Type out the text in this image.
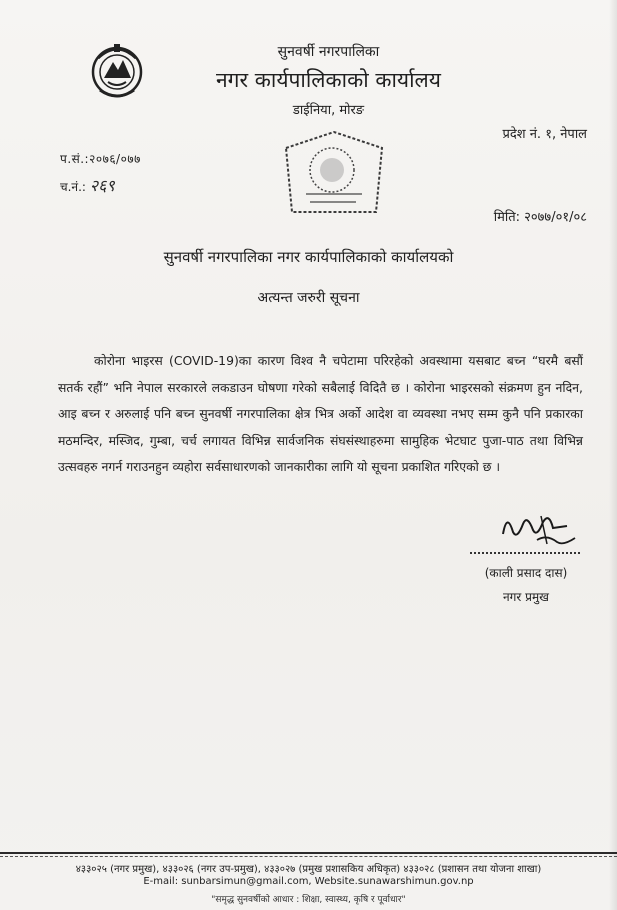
सुनवर्षी नगरपालिका
नगर कार्यपालिकाको कार्यालय
डाईनिया, मोरङ
प्रदेश नं. १, नेपाल
प.सं.:२०७६/०७७
च.नं.: २६९
मिति: २०७७/०१/०८
सुनवर्षी नगरपालिका नगर कार्यपालिकाको कार्यालयको
अत्यन्त जरुरी सूचना
कोरोना भाइरस (COVID-19)का कारण विश्व नै चपेटामा परिरहेको अवस्थामा यसबाट बच्न “घरमै बसौं सतर्क रहौं” भनि नेपाल सरकारले लकडाउन घोषणा गरेको सबैलाई विदितै छ । कोरोना भाइरसको संक्रमण हुन नदिन, आइ बच्न र अरुलाई पनि बच्न सुनवर्षी नगरपालिका क्षेत्र भित्र अर्को आदेश वा व्यवस्था नभए सम्म कुनै पनि प्रकारका मठमन्दिर, मस्जिद, गुम्बा, चर्च लगायत विभिन्न सार्वजनिक संघसंस्थाहरुमा सामुहिक भेटघाट पुजा-पाठ तथा विभिन्न उत्सवहरु नगर्न गराउनहुन व्यहोरा सर्वसाधारणको जानकारीका लागि यो सूचना प्रकाशित गरिएको छ ।
(काली प्रसाद दास)
नगर प्रमुख
४३३०२५ (नगर प्रमुख), ४३३०२६ (नगर उप-प्रमुख), ४३३०२७ (प्रमुख प्रशासकिय अधिकृत) ४३३०२८ (प्रशासन तथा योजना शाखा)
E-mail: sunbarsimun@gmail.com, Website.sunawarshimun.gov.np
"समृद्ध सुनवर्षीको आधार : शिक्षा, स्वास्थ्य, कृषि र पूर्वाधार"
